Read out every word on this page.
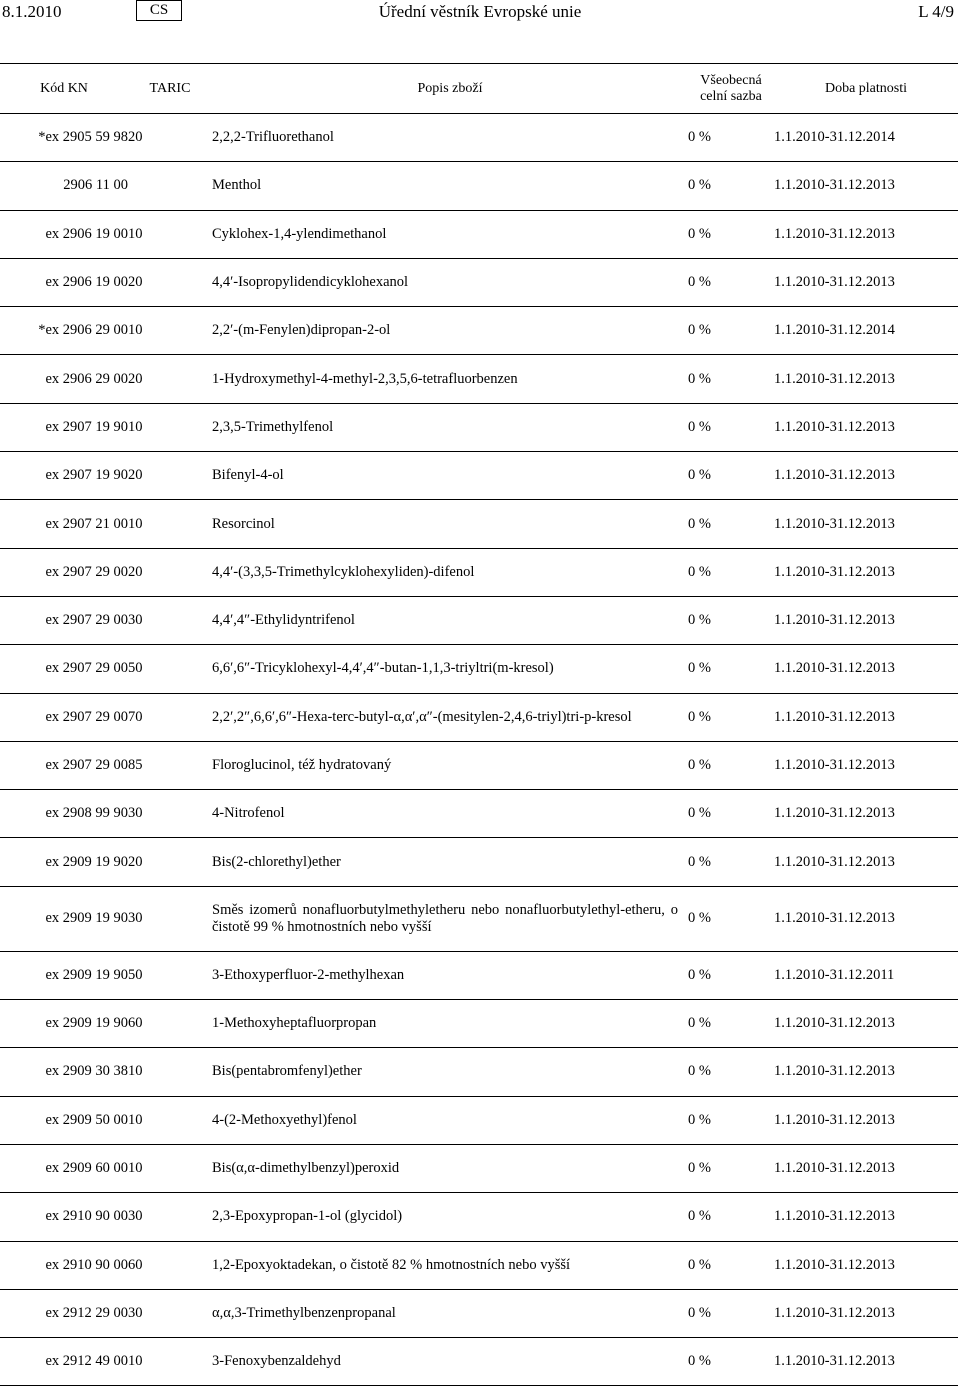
8.1.2010	CS	Úřední věstník Evropské unie	L 4/9
Kód KN	TARIC	Popis zboží	Všeobecná
celní sazba	Doba platnosti
*ex 2905 59 98	20	2,2,2-Trifluorethanol	0 %	1.1.2010-31.12.2014
2906 11 00		Menthol	0 %	1.1.2010-31.12.2013
ex 2906 19 00	10	Cyklohex-1,4-ylendimethanol	0 %	1.1.2010-31.12.2013
ex 2906 19 00	20	4,4′-Isopropylidendicyklohexanol	0 %	1.1.2010-31.12.2013
*ex 2906 29 00	10	2,2′-(m-Fenylen)dipropan-2-ol	0 %	1.1.2010-31.12.2014
ex 2906 29 00	20	1-Hydroxymethyl-4-methyl-2,3,5,6-tetrafluorbenzen	0 %	1.1.2010-31.12.2013
ex 2907 19 90	10	2,3,5-Trimethylfenol	0 %	1.1.2010-31.12.2013
ex 2907 19 90	20	Bifenyl-4-ol	0 %	1.1.2010-31.12.2013
ex 2907 21 00	10	Resorcinol	0 %	1.1.2010-31.12.2013
ex 2907 29 00	20	4,4′-(3,3,5-Trimethylcyklohexyliden)-difenol	0 %	1.1.2010-31.12.2013
ex 2907 29 00	30	4,4′,4″-Ethylidyntrifenol	0 %	1.1.2010-31.12.2013
ex 2907 29 00	50	6,6′,6″-Tricyklohexyl-4,4′,4″-butan-1,1,3-triyltri(m-kresol)	0 %	1.1.2010-31.12.2013
ex 2907 29 00	70	2,2′,2″,6,6′,6″-Hexa-terc-butyl-α,α′,α″-(mesitylen-2,4,6-triyl)tri-p-kresol	0 %	1.1.2010-31.12.2013
ex 2907 29 00	85	Floroglucinol, též hydratovaný	0 %	1.1.2010-31.12.2013
ex 2908 99 90	30	4-Nitrofenol	0 %	1.1.2010-31.12.2013
ex 2909 19 90	20	Bis(2-chlorethyl)ether	0 %	1.1.2010-31.12.2013
ex 2909 19 90	30	Směs izomerů nonafluorbutylmethyletheru nebo nonafluorbutylethyl-etheru, o čistotě 99 % hmotnostních nebo vyšší	0 %	1.1.2010-31.12.2013
ex 2909 19 90	50	3-Ethoxyperfluor-2-methylhexan	0 %	1.1.2010-31.12.2011
ex 2909 19 90	60	1-Methoxyheptafluorpropan	0 %	1.1.2010-31.12.2013
ex 2909 30 38	10	Bis(pentabromfenyl)ether	0 %	1.1.2010-31.12.2013
ex 2909 50 00	10	4-(2-Methoxyethyl)fenol	0 %	1.1.2010-31.12.2013
ex 2909 60 00	10	Bis(α,α-dimethylbenzyl)peroxid	0 %	1.1.2010-31.12.2013
ex 2910 90 00	30	2,3-Epoxypropan-1-ol (glycidol)	0 %	1.1.2010-31.12.2013
ex 2910 90 00	60	1,2-Epoxyoktadekan, o čistotě 82 % hmotnostních nebo vyšší	0 %	1.1.2010-31.12.2013
ex 2912 29 00	30	α,α,3-Trimethylbenzenpropanal	0 %	1.1.2010-31.12.2013
ex 2912 49 00	10	3-Fenoxybenzaldehyd	0 %	1.1.2010-31.12.2013
